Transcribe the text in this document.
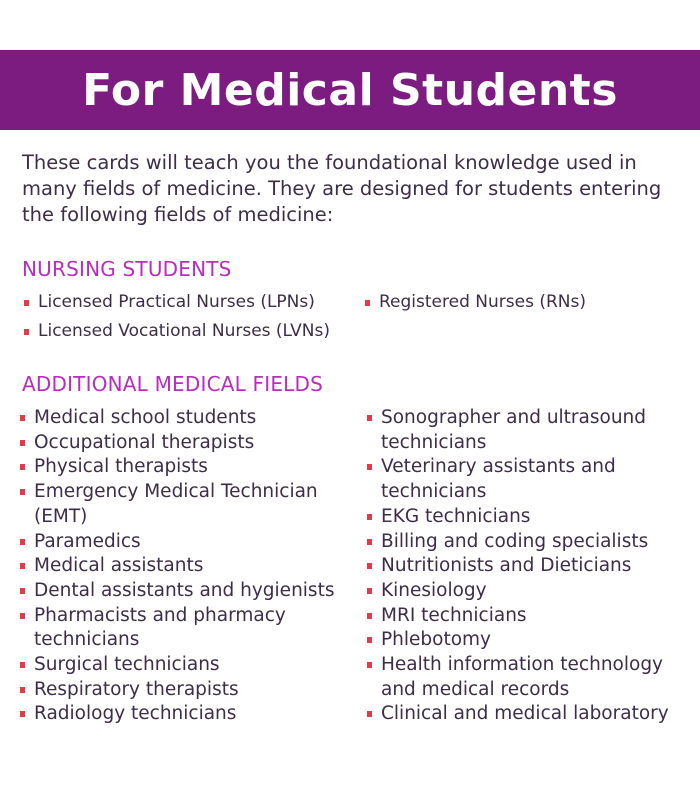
For Medical Students

These cards will teach you the foundational knowledge used in many fields of medicine. They are designed for students entering the following fields of medicine:

NURSING STUDENTS
Licensed Practical Nurses (LPNs)
Licensed Vocational Nurses (LVNs)
Registered Nurses (RNs)
ADDITIONAL MEDICAL FIELDS
Medical school students
Occupational therapists
Physical therapists
Emergency Medical Technician
(EMT)
Paramedics
Medical assistants
Dental assistants and hygienists
Pharmacists and pharmacy
technicians
Surgical technicians
Respiratory therapists
Radiology technicians
Sonographer and ultrasound
technicians
Veterinary assistants and
technicians
EKG technicians
Billing and coding specialists
Nutritionists and Dieticians
Kinesiology
MRI technicians
Phlebotomy
Health information technology
and medical records
Clinical and medical laboratory
